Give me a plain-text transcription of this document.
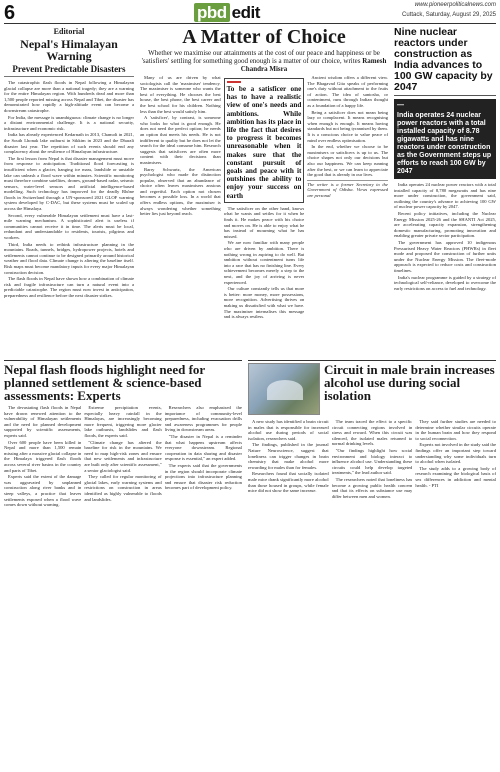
6	pbd edit	www.pioneerpoliticalnews.com
Cuttack, Saturday, August 29, 2025
Editorial
Nepal's Himalayan Warning
Prevent Predictable Disasters

The catastrophic flash floods in Nepal following a Himalayan glacial collapse are more than a national tragedy; they are a warning for the entire Himalayan region. With hundreds dead and more than 1,500 people reported missing across Nepal and Tibet, the disaster has demonstrated how rapidly a high-altitude event can become a downstream catastrophe.

For India, the message is unambiguous: climate change is no longer a distant environmental challenge. It is a national security, infrastructure and economic risk.

India has already experienced Kedarnath in 2013, Chamoli in 2021, the South Lhonak lake outburst in Sikkim in 2023 and the Dharali disaster last year. The repetition of such events should end any complacency about the resilience of Himalayan infrastructure.

The first lesson from Nepal is that disaster management must move from response to anticipation. Traditional flood forecasting is insufficient when a glacier, hanging ice mass, landslide or unstable lake can unleash a flood wave within minutes. Scientific monitoring must therefore combine satellites, drones, ground-based radar, seismic sensors, water-level sensors and artificial intelligence-based modelling. Such technology has improved for the deadly Rhône floods in Switzerland through a UN-sponsored 2021 GLOF warning system developed by C-DAC, but these systems must be scaled up across the Himalaya.

Second, every vulnerable Himalayan settlement must have a last-mile warning mechanism. A sophisticated alert is useless if communities cannot receive it in time. The alerts must be local, redundant and understandable to residents, tourists, pilgrims and workers.

Third, India needs to rethink infrastructure planning in the mountains. Roads, tunnels, bridges, hydropower projects, hotels and settlements cannot continue to be designed primarily around historical weather and flood data. Climate change is altering the baseline itself. Risk maps must become mandatory inputs for every major Himalayan construction decision.

The flash floods in Nepal have shown how a combination of climate risk and fragile infrastructure can turn a natural event into a predictable catastrophe. The region must now invest in anticipation, preparedness and resilience before the next disaster strikes.

A Matter of Choice
Whether we maximise our attainments at the cost of our peace and happiness or be 'satisfiers' settling for something good enough is a matter of our choice, writes Ramesh Chandra Misra

Many of us are driven by what sociologists call the 'maximiser' tendency. The maximiser is someone who wants the best of everything. He chooses the best house, the best phone, the best career and the best school for his children. Nothing less than the best would satisfy him.

A 'satisficer', by contrast, is someone who looks for what is good enough. He does not need the perfect option; he needs an option that meets his needs. He is not indifferent to quality but he does not let the search for the ideal consume him. Research suggests that satisficers are often more content with their decisions than maximisers.

Barry Schwartz, the American psychologist who made the distinction popular, observed that an abundance of choice often leaves maximisers anxious and regretful. Each option not chosen becomes a possible loss. In a world that offers endless options, the maximiser is always wondering whether something better lies just beyond reach.

To be a satisficer one has to have a realistic view of one's needs and ambitions. While ambition has its place in life the fact that desires to progress it becomes unreasonable when it makes sure that the constant pursuit of goals and peace with it outshines the ability to enjoy your success on earth

The satisficer on the other hand, knows what he wants and settles for it when he finds it. He makes peace with his choice and moves on. He is able to enjoy what he has instead of mourning what he has missed.

We are now familiar with many people who are driven by ambition. There is nothing wrong in aspiring to do well. But ambition without contentment turns life into a race that has no finishing line. Every achievement becomes merely a step to the next, and the joy of arriving is never experienced.

Our culture constantly tells us that more is better: more money, more possessions, more recognition. Advertising thrives on making us dissatisfied with what we have. The maximiser internalises this message and is always restless.

Ancient wisdom offers a different view. The Bhagavad Gita speaks of performing one's duty without attachment to the fruits of action. The idea of santosha, or contentment, runs through Indian thought as a foundation of a happy life.

Being a satisficer does not mean being lazy or complacent. It means recognising when enough is enough. It means having standards but not being tyrannised by them. It is a conscious choice to value peace of mind over endless optimisation.

In the end, whether we choose to be maximisers or satisficers is up to us. The choice shapes not only our decisions but also our happiness. We can keep running after the best, or we can learn to appreciate the good that is already in our lives.

The writer is a former Secretary to the Government of Odisha. Views expressed are personal
Nine nuclear reactors under construction as India advances to 100 GW capacity by 2047
—
India operates 24 nuclear power reactors with a total installed capacity of 8.78 gigawatts and has nine reactors under construction as the Government steps up efforts to reach 100 GW by 2047

India operates 24 nuclear power reactors with a total installed capacity of 8,780 megawatts and has nine more under construction, the government said, outlining the country's advance to achieving 100 GW of nuclear power capacity by 2047.

Recent policy initiatives, including the Nuclear Energy Mission 2025-26 and the SHANTI Act 2025, are accelerating capacity expansion, strengthening domestic manufacturing, promoting innovation and enabling greater private sector participation.

The government has approved 10 indigenous Pressurised Heavy Water Reactors (PHWRs) in fleet mode and proposed the construction of further units under the Nuclear Energy Mission. The fleet-mode approach is expected to reduce costs and construction timelines.

India's nuclear programme is guided by a strategy of technological self-reliance, developed to overcome the early restrictions on access to fuel and technology.

Nepal flash floods highlight need for planned settlement & science-based assessments: Experts

The devastating flash floods in Nepal have drawn renewed attention to the vulnerability of Himalayan settlements and the need for planned development supported by scientific assessments, experts said.

Over 600 people have been killed in Nepal and more than 1,500 remain missing after a massive glacial collapse in the Himalaya triggered flash floods across several river basins in the country and parts of Tibet.

Experts said the extent of the damage was aggravated by unplanned construction along river banks and in steep valleys, a practice that leaves settlements exposed when a flood wave comes down without warning.

Extreme precipitation events, especially heavy rainfall in the Himalayas, are increasingly becoming more frequent, triggering more glacier lake outbursts, landslides and flash floods, the experts said.

"Climate change has altered the baseline for risk in the mountains. We need to map high-risk zones and ensure that new settlements and infrastructure are built only after scientific assessment," a senior glaciologist said.

They called for regular monitoring of glacial lakes, early warning systems and restrictions on construction in areas identified as highly vulnerable to floods and landslides.

Researchers also emphasised the importance of community-level preparedness, including evacuation drills and awareness programmes for people living in downstream areas.

"The disaster in Nepal is a reminder that what happens upstream affects everyone downstream. Regional cooperation in data sharing and disaster response is essential," an expert added.

The experts said that the governments in the region should incorporate climate projections into infrastructure planning and ensure that disaster risk reduction becomes part of development policy.

Circuit in male brain increases alcohol use during social isolation

A new study has identified a brain circuit in males that is responsible for increased alcohol use during periods of social isolation, researchers said.

The findings, published in the journal Nature Neuroscience, suggest that loneliness can trigger changes in brain chemistry that make alcohol more rewarding for males than for females.

Researchers found that socially isolated male mice drank significantly more alcohol than those housed in groups, while female mice did not show the same increase.

The team traced the effect to a specific circuit connecting regions involved in stress and reward. When this circuit was silenced, the isolated males returned to normal drinking levels.

"Our findings highlight how social environment and biology interact to influence alcohol use. Understanding these circuits could help develop targeted treatments," the lead author said.

The researchers noted that loneliness has become a growing public health concern and that its effects on substance use may differ between men and women.

They said further studies are needed to determine whether similar circuits operate in the human brain and how they respond to social reconnection.

Experts not involved in the study said the findings offer an important step toward understanding why some individuals turn to alcohol when isolated.

The study adds to a growing body of research examining the biological basis of sex differences in addiction and mental health. - PTI
